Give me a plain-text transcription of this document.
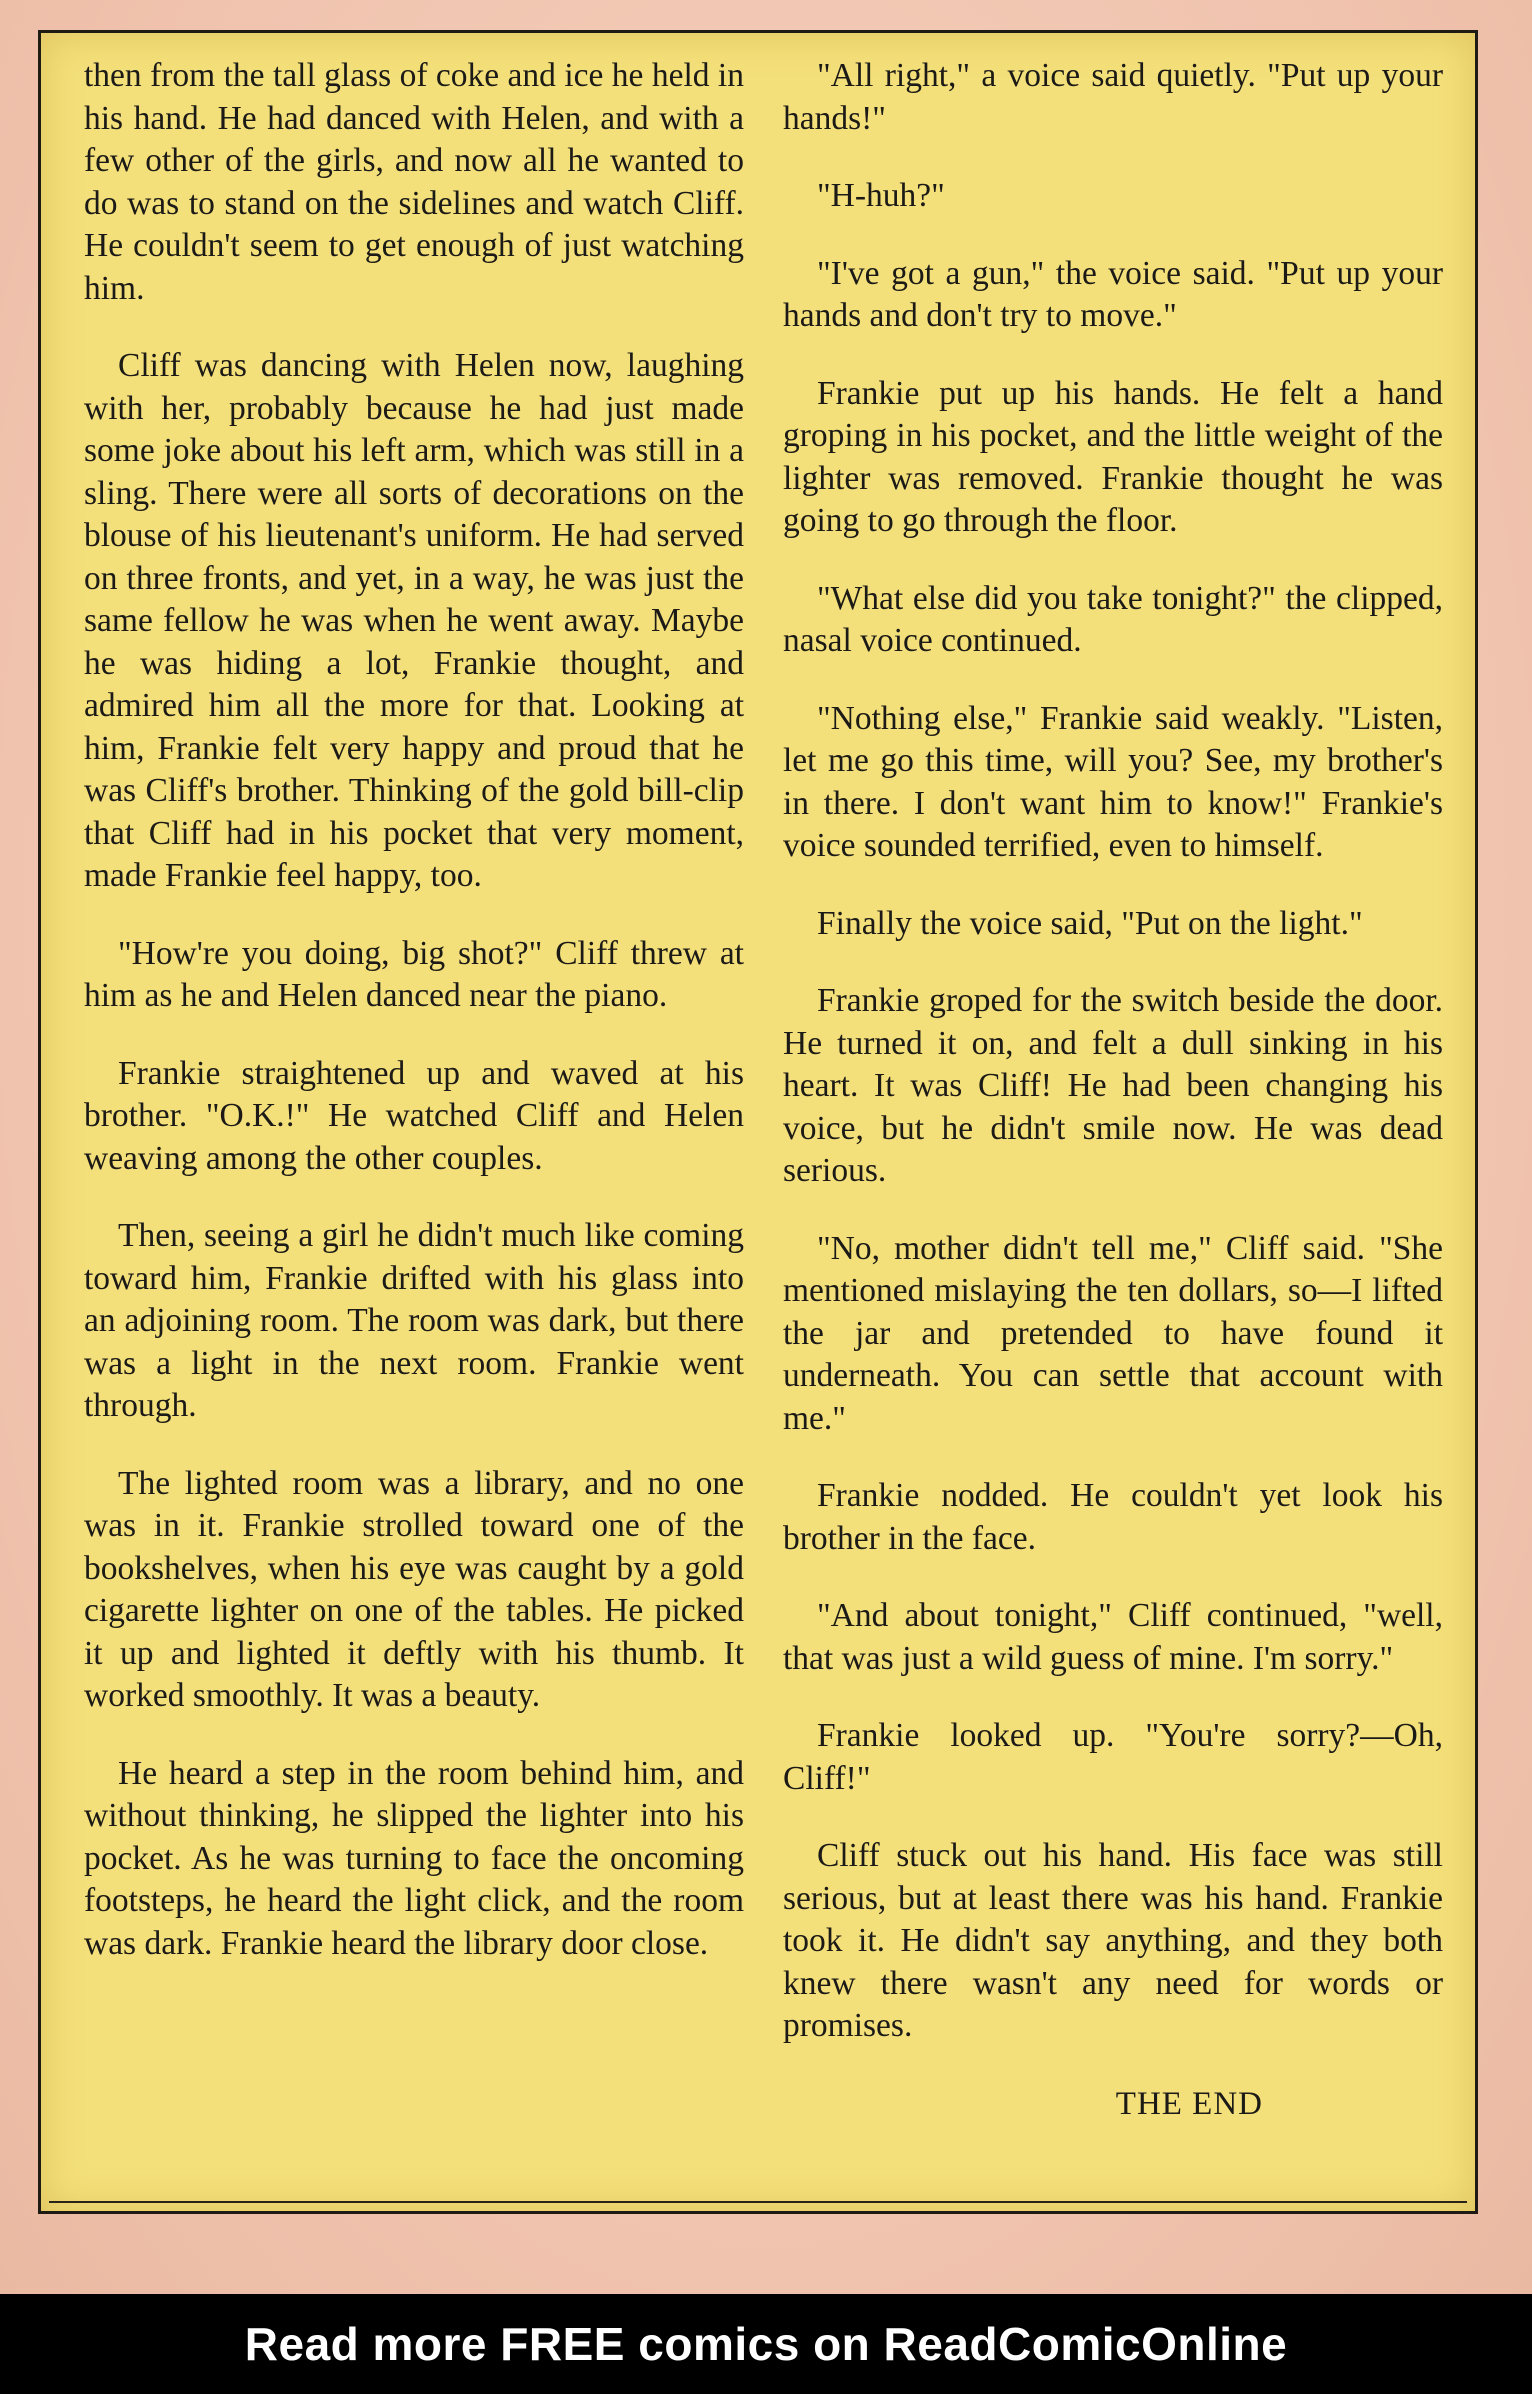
then from the tall glass of coke and ice he held in his hand. He had danced with Helen, and with a few other of the girls, and now all he wanted to do was to stand on the sidelines and watch Cliff. He couldn't seem to get enough of just watching him.

Cliff was dancing with Helen now, laughing with her, probably because he had just made some joke about his left arm, which was still in a sling. There were all sorts of decorations on the blouse of his lieutenant's uniform. He had served on three fronts, and yet, in a way, he was just the same fellow he was when he went away. Maybe he was hiding a lot, Frankie thought, and admired him all the more for that. Looking at him, Frankie felt very happy and proud that he was Cliff's brother. Thinking of the gold bill-clip that Cliff had in his pocket that very moment, made Frankie feel happy, too.

"How're you doing, big shot?" Cliff threw at him as he and Helen danced near the piano.

Frankie straightened up and waved at his brother. "O.K.!" He watched Cliff and Helen weaving among the other couples.

Then, seeing a girl he didn't much like coming toward him, Frankie drifted with his glass into an adjoining room. The room was dark, but there was a light in the next room. Frankie went through.

The lighted room was a library, and no one was in it. Frankie strolled toward one of the bookshelves, when his eye was caught by a gold cigarette lighter on one of the tables. He picked it up and lighted it deftly with his thumb. It worked smoothly. It was a beauty.

He heard a step in the room behind him, and without thinking, he slipped the lighter into his pocket. As he was turning to face the oncoming footsteps, he heard the light click, and the room was dark. Frankie heard the library door close.

"All right," a voice said quietly. "Put up your hands!"

"H-huh?"

"I've got a gun," the voice said. "Put up your hands and don't try to move."

Frankie put up his hands. He felt a hand groping in his pocket, and the little weight of the lighter was removed. Frankie thought he was going to go through the floor.

"What else did you take tonight?" the clipped, nasal voice continued.

"Nothing else," Frankie said weakly. "Listen, let me go this time, will you? See, my brother's in there. I don't want him to know!" Frankie's voice sounded terrified, even to himself.

Finally the voice said, "Put on the light."

Frankie groped for the switch beside the door. He turned it on, and felt a dull sinking in his heart. It was Cliff! He had been changing his voice, but he didn't smile now. He was dead serious.

"No, mother didn't tell me," Cliff said. "She mentioned mislaying the ten dollars, so—I lifted the jar and pretended to have found it underneath. You can settle that account with me."

Frankie nodded. He couldn't yet look his brother in the face.

"And about tonight," Cliff continued, "well, that was just a wild guess of mine. I'm sorry."

Frankie looked up. "You're sorry?—Oh, Cliff!"

Cliff stuck out his hand. His face was still serious, but at least there was his hand. Frankie took it. He didn't say anything, and they both knew there wasn't any need for words or promises.

THE END
Read more FREE comics on ReadComicOnline
